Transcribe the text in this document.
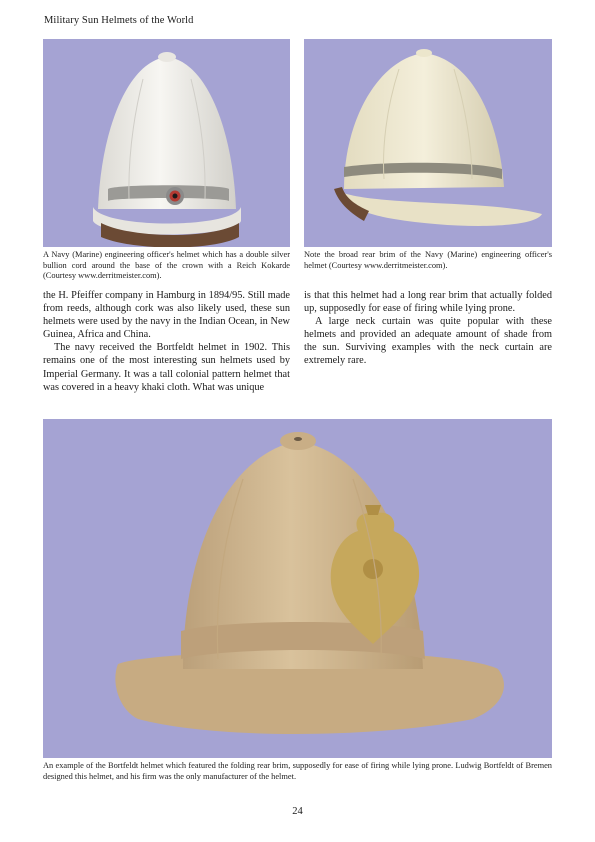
Military Sun Helmets of the World
A Navy (Marine) engineering officer's helmet which has a double silver bullion cord around the base of the crown with a Reich Kokarde (Courtesy www.derritmeister.com).
Note the broad rear brim of the Navy (Marine) engineering officer's helmet (Courtesy www.derritmeister.com).

the H. Pfeiffer company in Hamburg in 1894/95. Still made from reeds, although cork was also likely used, these sun helmets were used by the navy in the Indian Ocean, in New Guinea, Africa and China.

The navy received the Bortfeldt helmet in 1902. This remains one of the most interesting sun helmets used by Imperial Germany. It was a tall colonial pattern helmet that was covered in a heavy khaki cloth. What was unique

is that this helmet had a long rear brim that actually folded up, supposedly for ease of firing while lying prone.

A large neck curtain was quite popular with these helmets and provided an adequate amount of shade from the sun. Surviving examples with the neck curtain are extremely rare.

An example of the Bortfeldt helmet which featured the folding rear brim, supposedly for ease of firing while lying prone. Ludwig Bortfeldt of Bremen designed this helmet, and his firm was the only manufacturer of the helmet.
24
